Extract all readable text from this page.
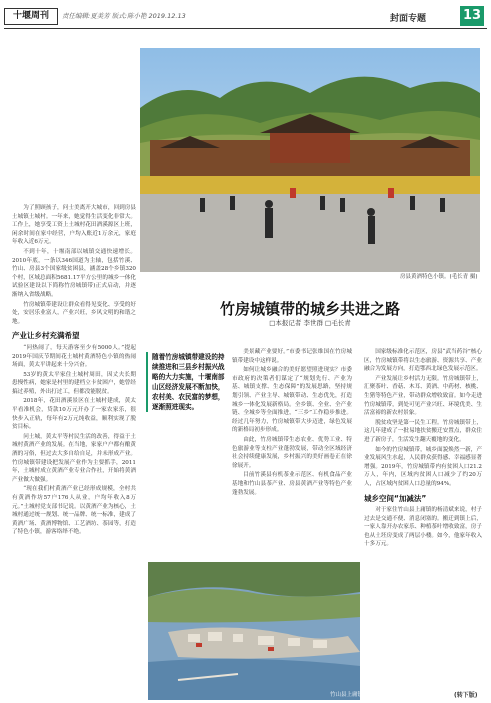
十堰周刊	责任编辑:夏美芳 版式:陈小艳 2019.12.13	封面专题	13
房县黄酒特色小镇。(毛长青 摄)
竹房城镇带的城乡共进之路
□本报记者 李世群 □毛长青

为了照顾孩子，问士美离开大城市，回到房县土城镇土城村。一年来，她觉得生活变化非常大。工作上，她享受工资上土城村花田酒溪源区上班，闲余时间在家中经营，户均入账近1万余元，家庭年收入近6万元。

不到十年，十堰南部以城镇交通快速增长。2010年底，一条以346国道为主轴，包括竹溪、竹山、房县3个国家级贫困县，涵盖28个乡镇320个村，区域总面积5681.17平方公里的城乡一体化试验区建设以下简称竹房城镇带)正式启动，并逐渐纳入省级战略。

竹房城镇带建设让群众看得见变化、享受的好处，安居乐业富人，产业兴旺，乡风文明的和谐之地。

产业让乡村充满希望

“问热闹了，每天游客至少有5000人。”提起2019年国庆节期间花土城村黄酒特色小镇的热闹场面，黄太平讲起来十分兴奋。

53岁的黄太平家住土城村周田，因丈夫长期患慢性病，她家是村里的建档立卡贫困户，她曾经搞过养殖，外出打过工，但都没能脱贫。

2018年，花田酒溪景区在土城村建成，黄太平看准机会，贷款10万元开办了一家农家乐，很快步入正轨，每年有2万元纯收益，顺利实现了脱贫目标。

问土城，黄太平等村民生活的改善，得益于土城村黄酒产业的发展。在当地，家家户户都有酿黄酒的习俗，但过去大多自给自足，并未形成产业。竹房城镇带建设把发展产业作为主要抓手，2011年，土城村成立黄酒产业专业合作社，开始将黄酒产业做大做强。

“现在我们村黄酒产业已经形成规模，全村共有黄酒作坊57户176人从业，户均年收入8万元。”土城村党支部书记说。以黄酒产业为核心，土城村通过统一规划、统一品牌、统一标准，建成了黄酒广场、黄酒博物馆、工艺酒坊、茶园等，打造了特色小镇，游客络绎不绝。

随着竹房城镇带建设的持续推进和三县乡村振兴战略的大力实施，十堰南部山区经济发展不断加快，农村美、农民富的梦想，逐渐照进现实。

美景藏产业要好。”市委书记张维国在竹房城镇带建设中这样说。

如何让城乡融合的美好愿望照进现实？市委市政府的决策者们谋定了“规划先行、产业为基、城镇支撑、生态保障”的发展思路，坚持规划引领、产业主导、城镇带动、生态优先，打造城乡一体化发展新格局。全乡镇、全业、全产业链、全城乡等全面推进，“三乡”工作稳步推进。经过几年努力，竹房城镇带大步迈进，绿色发展的新格局初步形成。

由此，竹房城镇带生态农业、优势工业、特色旅游业等支柱产业蓬勃发展，带动全区域经济社会持续健康发展，乡村振兴的美好画卷正在徐徐展开。

目前竹溪县有机茶业示范区、有机食品产业基地和竹山县茶产业、房县黄酒产业等特色产业蓬勃发展。

国家级标准化示范区，房县“武当药谷”核心区，竹房城镇带将以生态旅游、资源共享、产业融合为发展方向，打造鄂西北绿色发展示范区。

产业发展让乡村活力无限。竹房城镇带上，汇聚茶叶、香菇、木耳、黄酒、中药材、核桃、生猪等特色产业，带动群众增收致富。如今走进竹房城镇带，到处可见产业兴旺、环境优美、生活富裕的新农村景象。

脱贫攻坚是第一民生工程。竹房城镇带上，这几年建成了一批易地扶贫搬迁安置点，群众住进了新房子，生活发生翻天覆地的变化。

如今的竹房城镇带，城乡面貌焕然一新，产业发展风生水起，人民群众获得感、幸福感显著增强。2019年，竹房城镇带内有贫困人口21.2万人，年内，区域内贫困人口减少了约20万人，占区域内贫困人口总量的94%。

城乡空间“加减法”

对于家住竹山县上庸镇的杨清斌来说，村子过去是交通不便、消息闭塞的。搬迁到镇上后，一家人靠开办农家乐、种植茶叶增收致富，房子也从土坯房变成了两层小楼。如今，他家年收入十多万元。

竹山县上庸镇。	(转下版)
